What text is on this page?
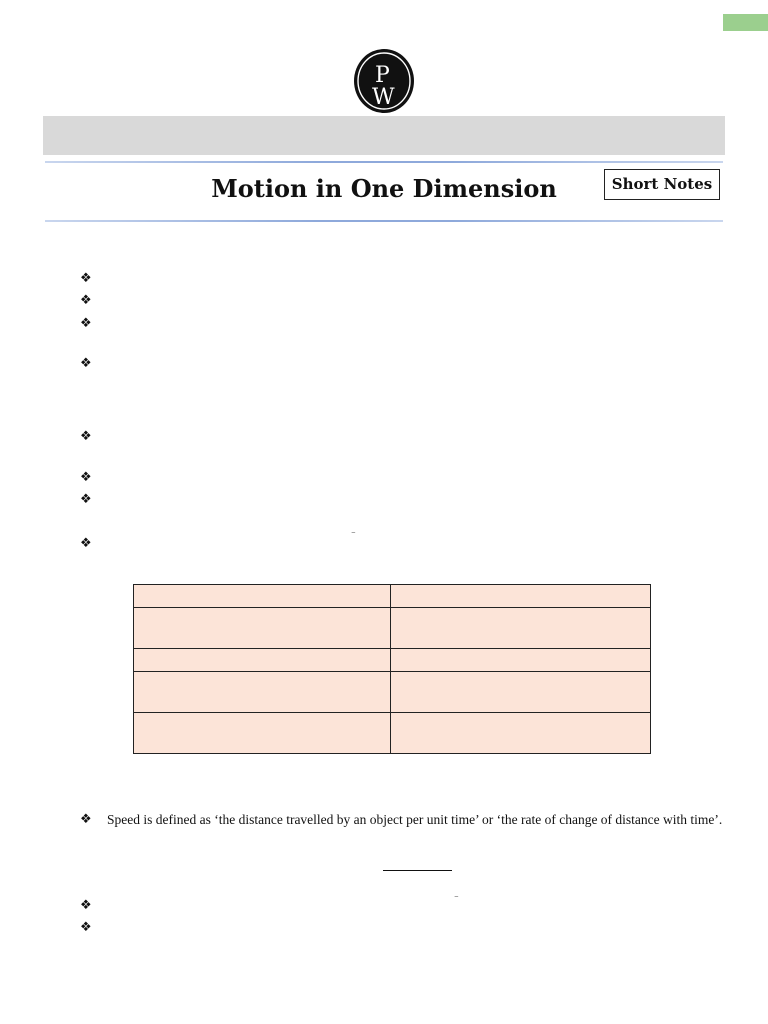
P
W
Motion in One Dimension	Short Notes
❖
❖
❖
❖
❖
❖
❖
❖
⁻

❖ Speed is defined as ‘the distance travelled by an object per unit time’ or ‘the rate of change of distance with time’.
❖	⁻
❖
